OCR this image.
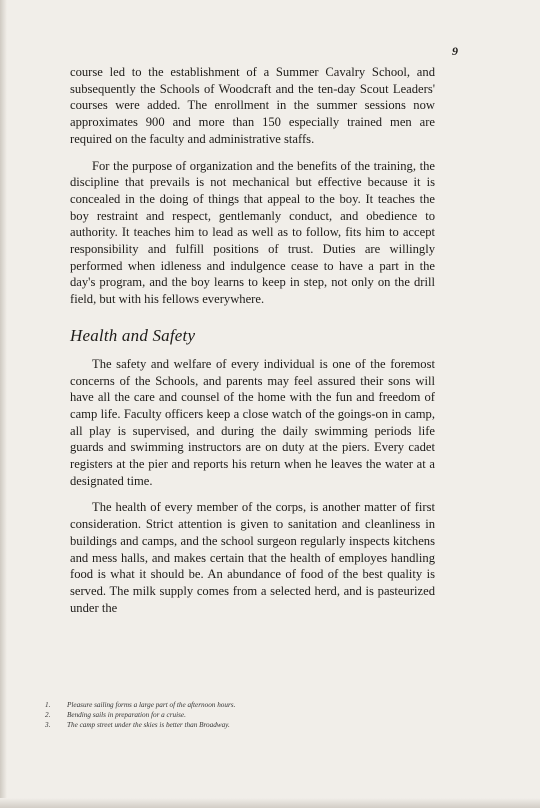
9

course led to the establishment of a Summer Cavalry School, and subsequently the Schools of Woodcraft and the ten-day Scout Leaders' courses were added. The enrollment in the summer sessions now approximates 900 and more than 150 especially trained men are required on the faculty and administrative staffs.

For the purpose of organization and the benefits of the training, the discipline that prevails is not mechanical but effective because it is concealed in the doing of things that appeal to the boy. It teaches the boy restraint and respect, gentlemanly conduct, and obedience to authority. It teaches him to lead as well as to follow, fits him to accept responsibility and fulfill positions of trust. Duties are willingly performed when idleness and indulgence cease to have a part in the day's program, and the boy learns to keep in step, not only on the drill field, but with his fellows everywhere.

Health and Safety

The safety and welfare of every individual is one of the foremost concerns of the Schools, and parents may feel assured their sons will have all the care and counsel of the home with the fun and freedom of camp life. Faculty officers keep a close watch of the goings-on in camp, all play is supervised, and during the daily swimming periods life guards and swimming instructors are on duty at the piers. Every cadet registers at the pier and reports his return when he leaves the water at a designated time.

The health of every member of the corps, is another matter of first consideration. Strict attention is given to sanitation and cleanliness in buildings and camps, and the school surgeon regularly inspects kitchens and mess halls, and makes certain that the health of employes handling food is what it should be. An abundance of food of the best quality is served. The milk supply comes from a selected herd, and is pasteurized under the

1.	Pleasure sailing forms a large part of the afternoon hours.
2.	Bending sails in preparation for a cruise.
3.	The camp street under the skies is better than Broadway.
